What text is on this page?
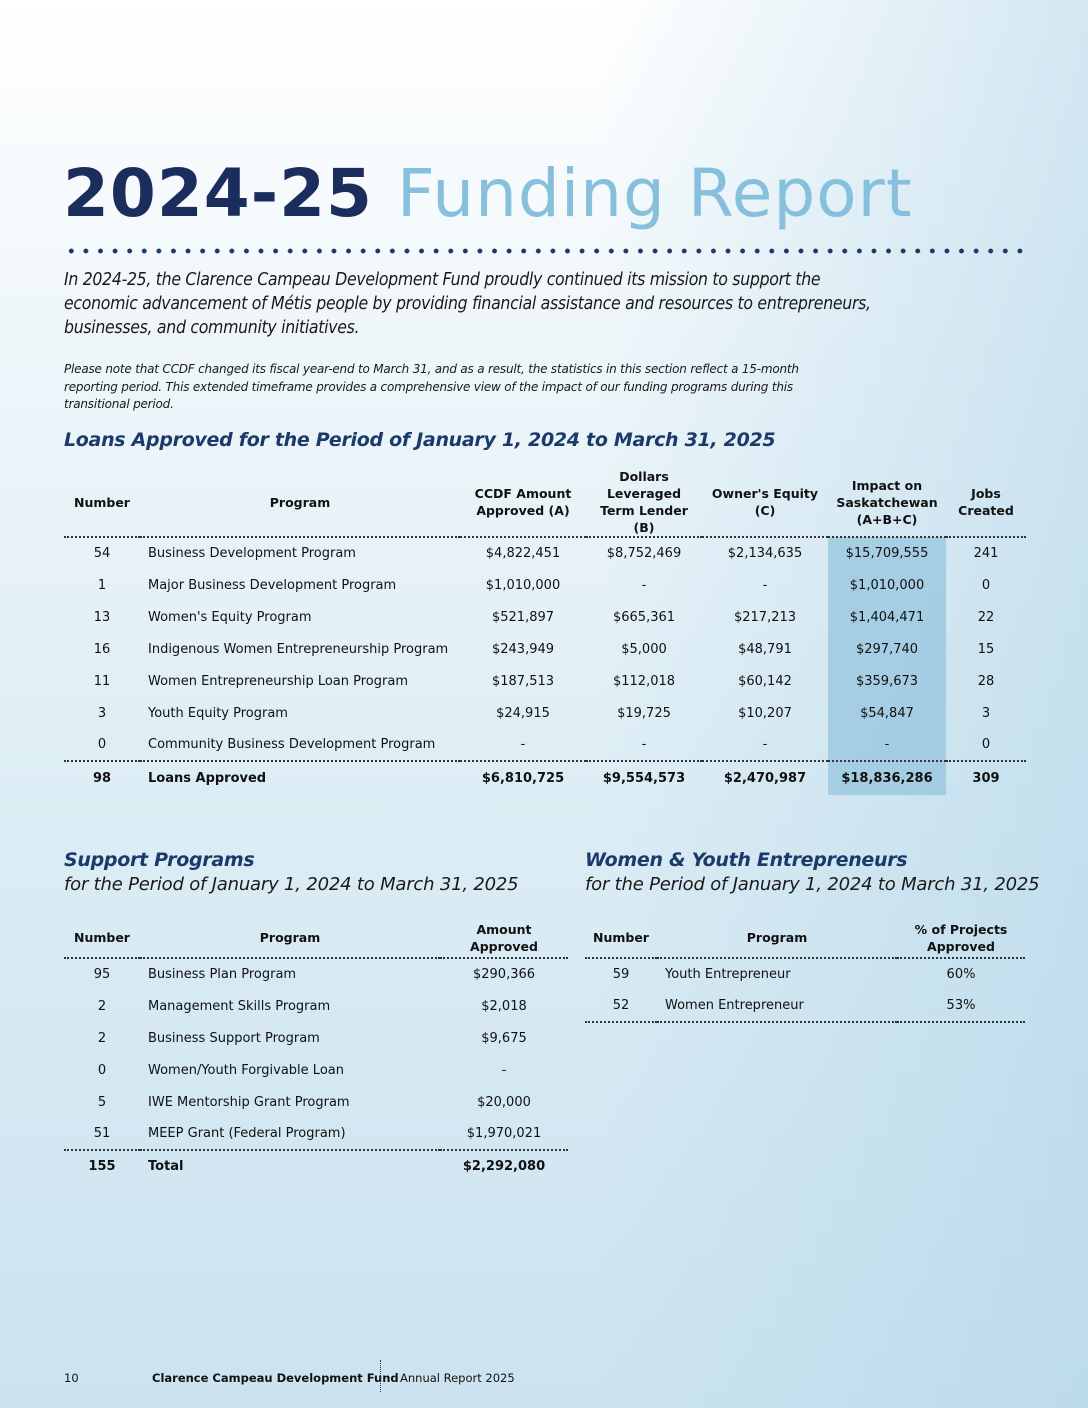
2024-25 Funding Report

In 2024-25, the Clarence Campeau Development Fund proudly continued its mission to support the economic advancement of Métis people by providing financial assistance and resources to entrepreneurs, businesses, and community initiatives.

Please note that CCDF changed its fiscal year-end to March 31, and as a result, the statistics in this section reflect a 15-month reporting period. This extended timeframe provides a comprehensive view of the impact of our funding programs during this transitional period.

Loans Approved for the Period of January 1, 2024 to March 31, 2025
Number	Program	CCDF Amount Approved (A)	Dollars Leveraged Term Lender (B)	Owner's Equity (C)	Impact on Saskatchewan (A+B+C)	Jobs Created
54	Business Development Program	$4,822,451	$8,752,469	$2,134,635	$15,709,555	241
1	Major Business Development Program	$1,010,000	-	-	$1,010,000	0
13	Women's Equity Program	$521,897	$665,361	$217,213	$1,404,471	22
16	Indigenous Women Entrepreneurship Program	$243,949	$5,000	$48,791	$297,740	15
11	Women Entrepreneurship Loan Program	$187,513	$112,018	$60,142	$359,673	28
3	Youth Equity Program	$24,915	$19,725	$10,207	$54,847	3
0	Community Business Development Program	-	-	-	-	0
98	Loans Approved	$6,810,725	$9,554,573	$2,470,987	$18,836,286	309
Support Programs
for the Period of January 1, 2024 to March 31, 2025
Number	Program	Amount Approved
95	Business Plan Program	$290,366
2	Management Skills Program	$2,018
2	Business Support Program	$9,675
0	Women/Youth Forgivable Loan	-
5	IWE Mentorship Grant Program	$20,000
51	MEEP Grant (Federal Program)	$1,970,021
155	Total	$2,292,080
Women & Youth Entrepreneurs
for the Period of January 1, 2024 to March 31, 2025
Number	Program	% of Projects Approved
59	Youth Entrepreneur	60%
52	Women Entrepreneur	53%
10	Clarence Campeau Development Fund Annual Report 2025
